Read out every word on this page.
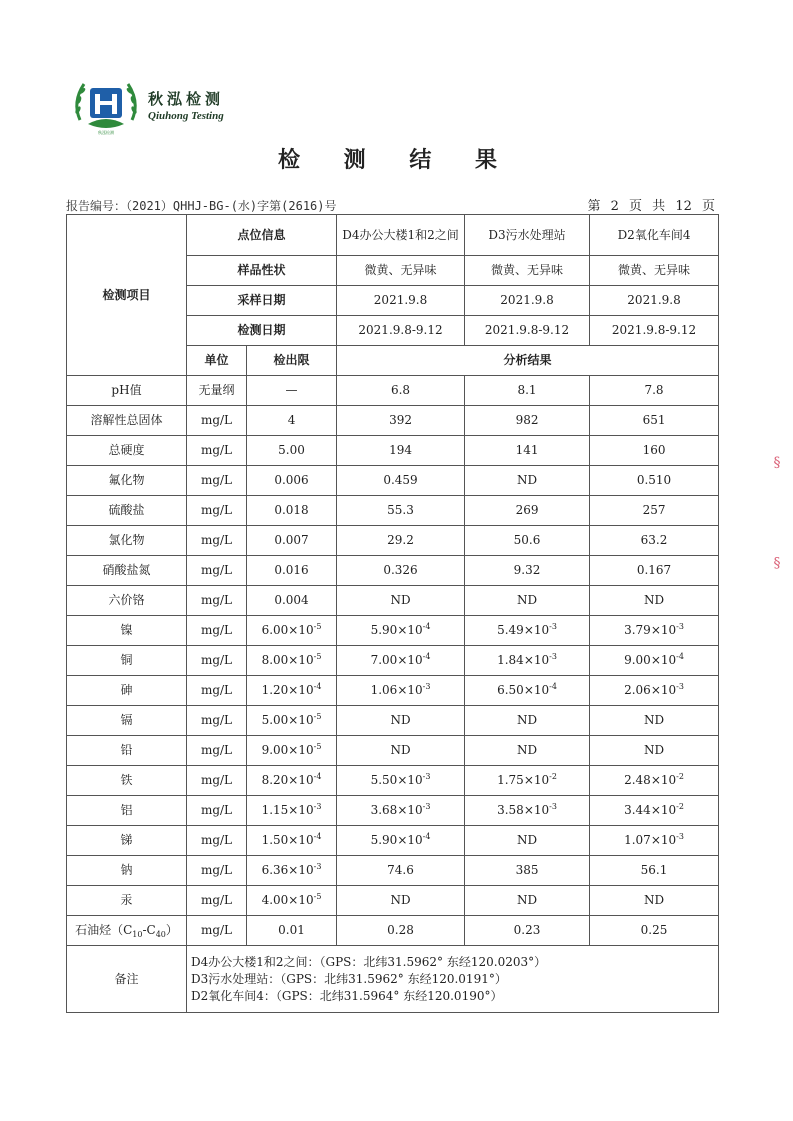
秋泓检测
秋泓检测
Qiuhong Testing
检 测 结 果
报告编号：（2021）QHHJ-BG-(水)字第(2616)号	第 2 页 共 12 页
检测项目	点位信息		D4办公大楼1和2之间	D3污水处理站	D2氧化车间4
	样品性状		微黄、无异味	微黄、无异味	微黄、无异味
	采样日期		2021.9.8	2021.9.8	2021.9.8
	检测日期		2021.9.8-9.12	2021.9.8-9.12	2021.9.8-9.12
	单位	检出限	分析结果		
pH值	无量纲	—	6.8	8.1	7.8
溶解性总固体	mg/L	4	392	982	651
总硬度	mg/L	5.00	194	141	160
氟化物	mg/L	0.006	0.459	ND	0.510
硫酸盐	mg/L	0.018	55.3	269	257
氯化物	mg/L	0.007	29.2	50.6	63.2
硝酸盐氮	mg/L	0.016	0.326	9.32	0.167
六价铬	mg/L	0.004	ND	ND	ND
镍	mg/L	$6.00\times 10^{-5}$	$5.90\times 10^{-4}$	$5.49\times 10^{-3}$	$3.79\times 10^{-3}$
铜	mg/L	$8.00\times 10^{-5}$	$7.00\times 10^{-4}$	$1.84\times 10^{-3}$	$9.00\times 10^{-4}$
砷	mg/L	$1.20\times 10^{-4}$	$1.06\times 10^{-3}$	$6.50\times 10^{-4}$	$2.06\times 10^{-3}$
镉	mg/L	$5.00\times 10^{-5}$	ND	ND	ND
铅	mg/L	$9.00\times 10^{-5}$	ND	ND	ND
铁	mg/L	$8.20\times 10^{-4}$	$5.50\times 10^{-3}$	$1.75\times 10^{-2}$	$2.48\times 10^{-2}$
铝	mg/L	$1.15\times 10^{-3}$	$3.68\times 10^{-3}$	$3.58\times 10^{-3}$	$3.44\times 10^{-2}$
锑	mg/L	$1.50\times 10^{-4}$	$5.90\times 10^{-4}$	ND	$1.07\times 10^{-3}$
钠	mg/L	$6.36\times 10^{-3}$	74.6	385	56.1
汞	mg/L	$4.00\times 10^{-5}$	ND	ND	ND
石油烃$(C_{10}-C_{40})$	mg/L	0.01	0.28	0.23	0.25
备注	D4办公大楼1和2之间：（GPS：北纬31.5962° 东经120.0203°）
D3污水处理站：（GPS：北纬31.5962° 东经120.0191°）
D2氧化车间4：（GPS：北纬31.5964° 东经120.0190°）				
§ §
